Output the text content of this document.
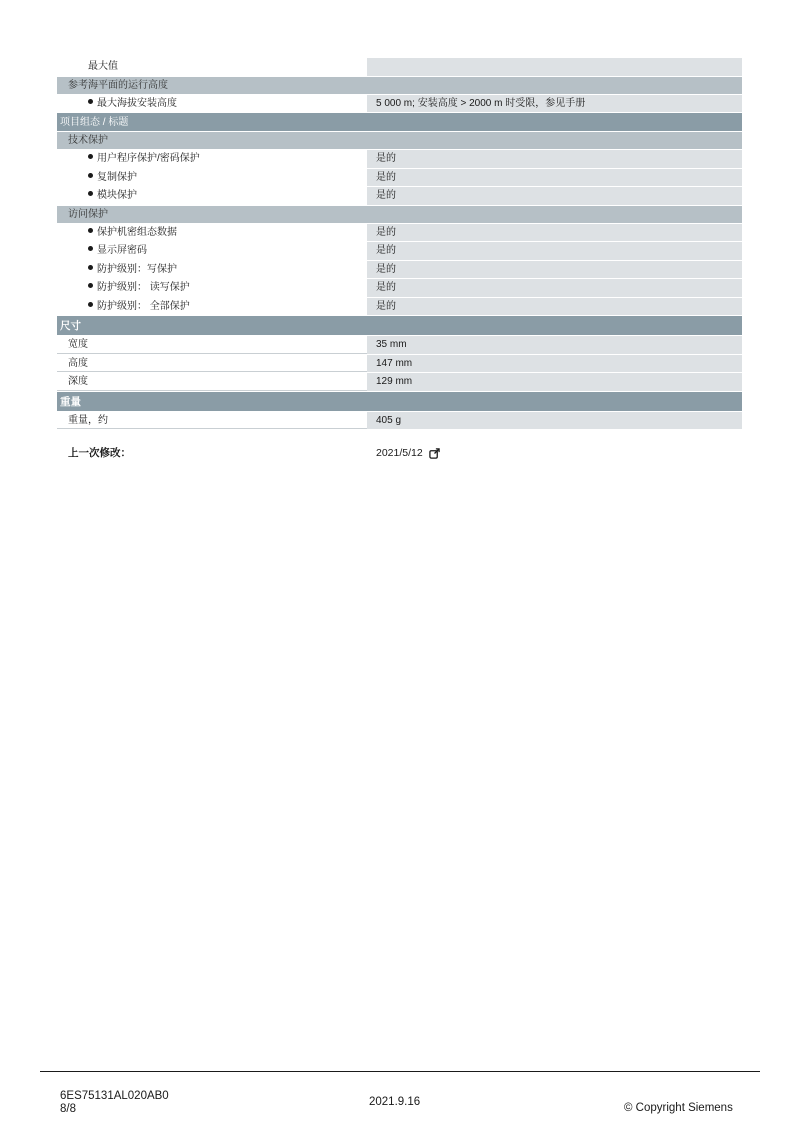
最大值
参考海平面的运行高度
最大海拔安装高度	5 000 m; 安装高度 > 2000 m 时受限，参见手册
项目组态 / 标题
技术保护
用户程序保护/密码保护	是的
复制保护	是的
模块保护	是的
访问保护
保护机密组态数据	是的
显示屏密码	是的
防护级别：写保护	是的
防护级别： 读写保护	是的
防护级别： 全部保护	是的
尺寸
宽度	35 mm
高度	147 mm
深度	129 mm
重量
重量，约	405 g
上一次修改：	2021/5/12
6ES75131AL020AB0
8/8
2021.9.16	© Copyright Siemens
